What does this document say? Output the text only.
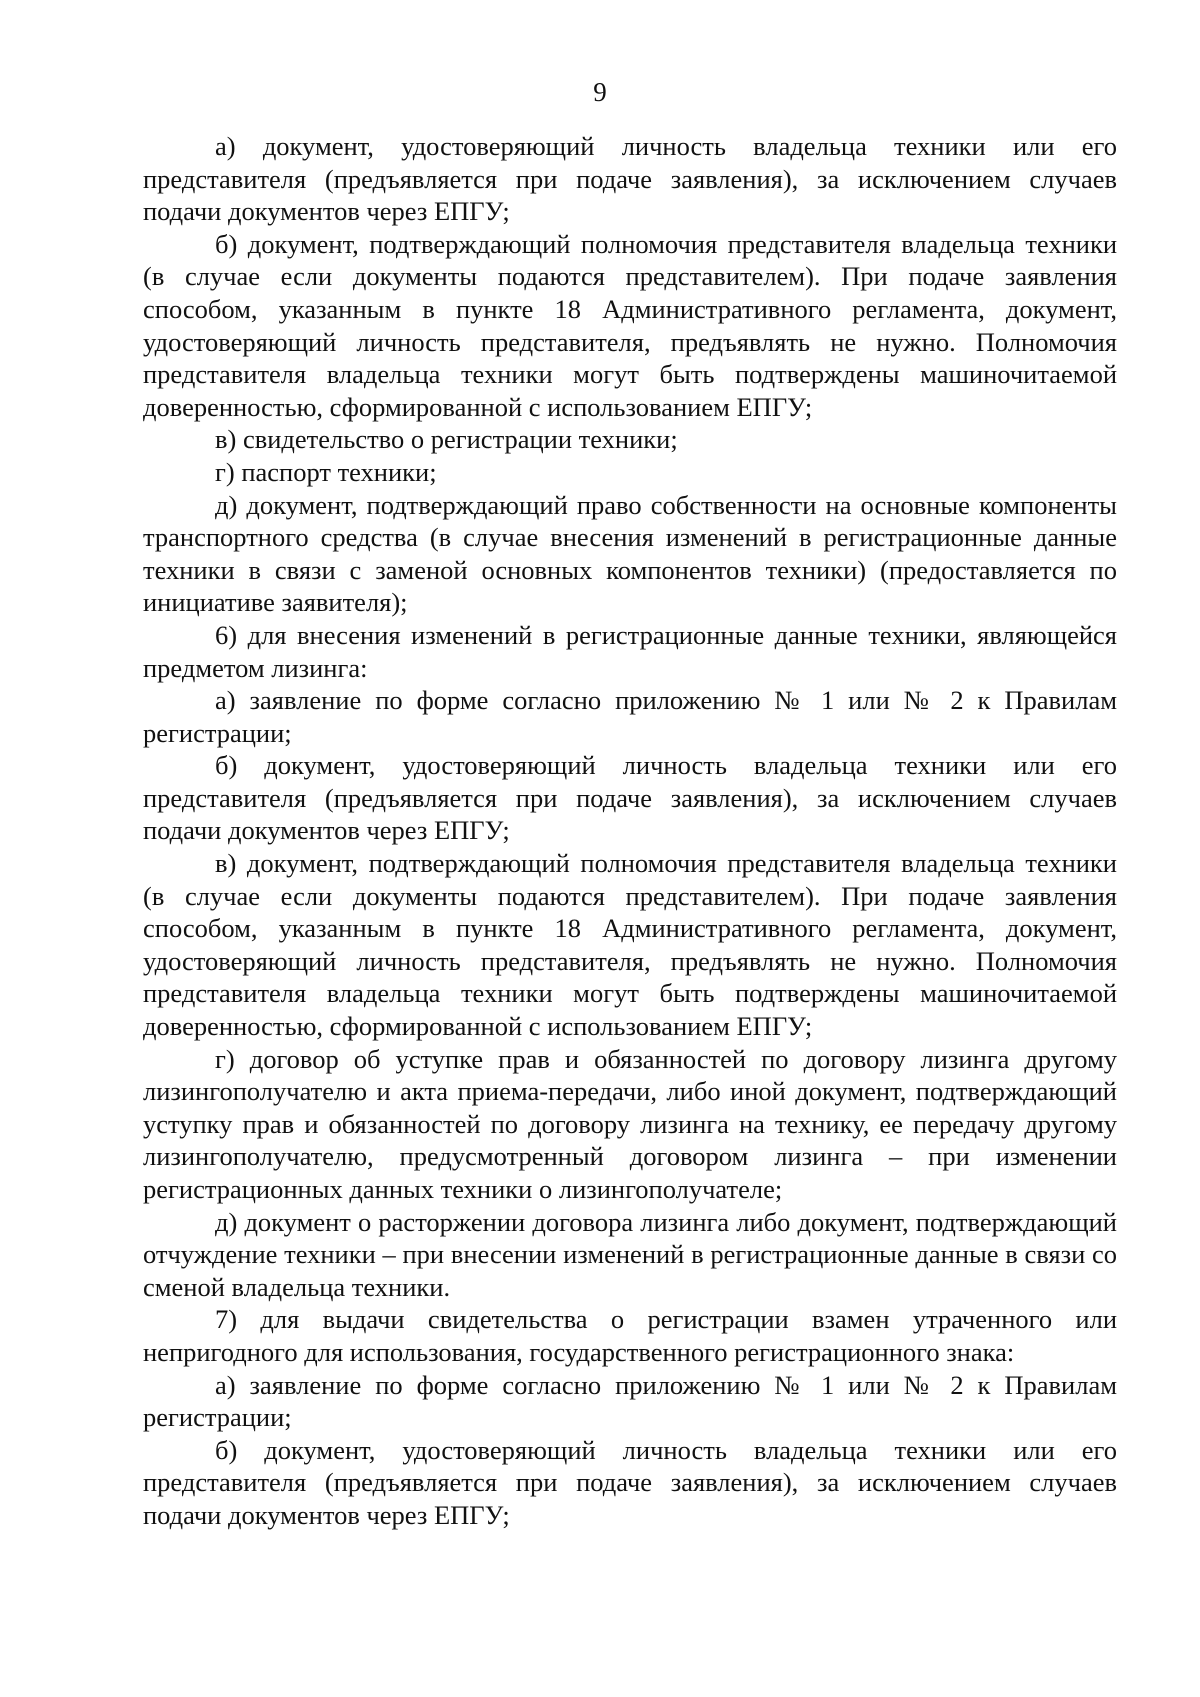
9

а) документ, удостоверяющий личность владельца техники или его представителя (предъявляется при подаче заявления), за исключением случаев подачи документов через ЕПГУ;

б) документ, подтверждающий полномочия представителя владельца техники (в случае если документы подаются представителем). При подаче заявления способом, указанным в пункте 18 Административного регламента, документ, удостоверяющий личность представителя, предъявлять не нужно. Полномочия представителя владельца техники могут быть подтверждены машиночитаемой доверенностью, сформированной с использованием ЕПГУ;

в) свидетельство о регистрации техники;

г) паспорт техники;

д) документ, подтверждающий право собственности на основные компоненты транспортного средства (в случае внесения изменений в регистрационные данные техники в связи с заменой основных компонентов техники) (предоставляется по инициативе заявителя);

6) для внесения изменений в регистрационные данные техники, являющейся предметом лизинга:

а) заявление по форме согласно приложению № 1 или № 2 к Правилам регистрации;

б) документ, удостоверяющий личность владельца техники или его представителя (предъявляется при подаче заявления), за исключением случаев подачи документов через ЕПГУ;

в) документ, подтверждающий полномочия представителя владельца техники (в случае если документы подаются представителем). При подаче заявления способом, указанным в пункте 18 Административного регламента, документ, удостоверяющий личность представителя, предъявлять не нужно. Полномочия представителя владельца техники могут быть подтверждены машиночитаемой доверенностью, сформированной с использованием ЕПГУ;

г) договор об уступке прав и обязанностей по договору лизинга другому лизингополучателю и акта приема-передачи, либо иной документ, подтверждающий уступку прав и обязанностей по договору лизинга на технику, ее передачу другому лизингополучателю, предусмотренный договором лизинга – при изменении регистрационных данных техники о лизингополучателе;

д) документ о расторжении договора лизинга либо документ, подтверждающий отчуждение техники – при внесении изменений в регистрационные данные в связи со сменой владельца техники.

7) для выдачи свидетельства о регистрации взамен утраченного или непригодного для использования, государственного регистрационного знака:

а) заявление по форме согласно приложению № 1 или № 2 к Правилам регистрации;

б) документ, удостоверяющий личность владельца техники или его представителя (предъявляется при подаче заявления), за исключением случаев подачи документов через ЕПГУ;
